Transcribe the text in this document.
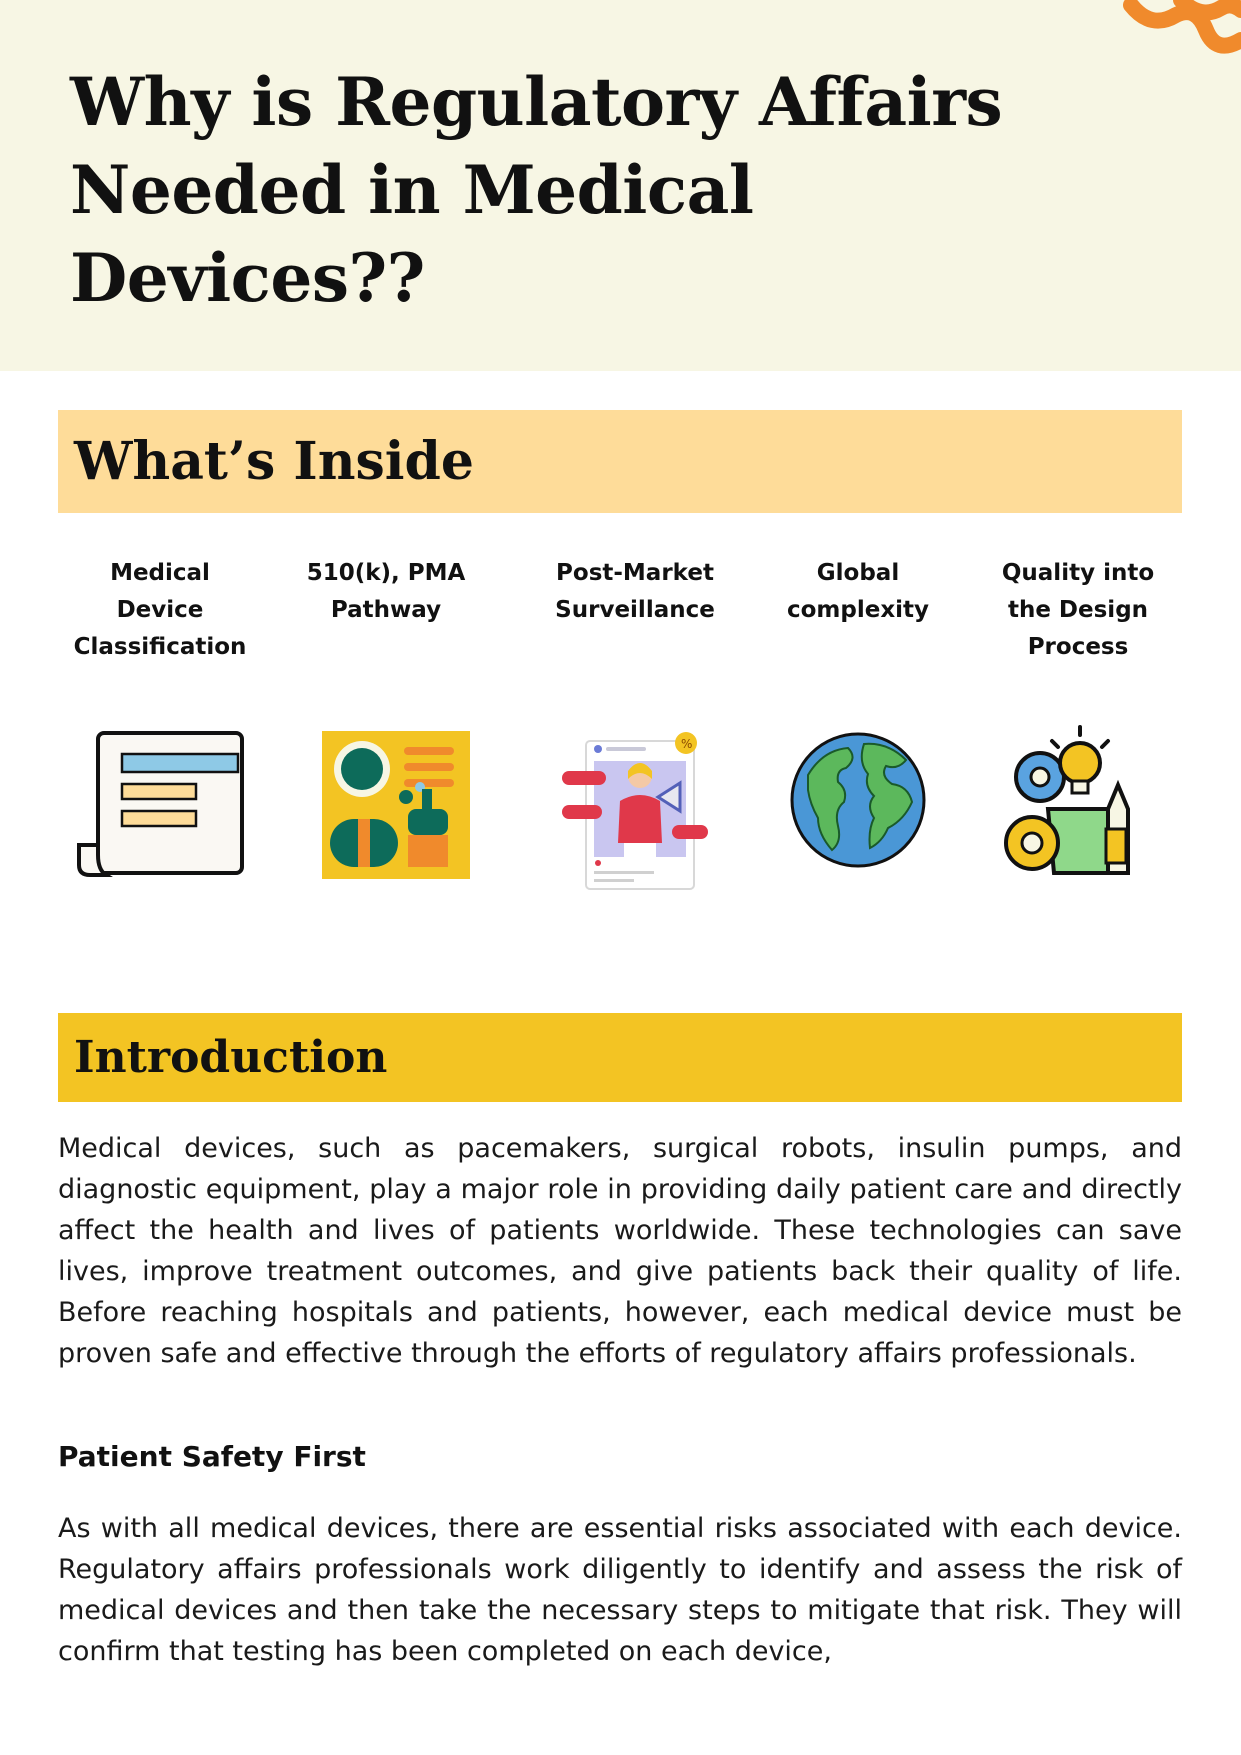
Why is Regulatory Affairs Needed in Medical Devices??
What’s Inside
Medical Device Classification
510(k), PMA Pathway
Post-Market Surveillance
%
Global complexity
Quality into the Design Process
Introduction

Medical devices, such as pacemakers, surgical robots, insulin pumps, and diagnostic equipment, play a major role in providing daily patient care and directly affect the health and lives of patients worldwide. These technologies can save lives, improve treatment outcomes, and give patients back their quality of life. Before reaching hospitals and patients, however, each medical device must be proven safe and effective through the efforts of regulatory affairs professionals.

Patient Safety First

As with all medical devices, there are essential risks associated with each device. Regulatory affairs professionals work diligently to identify and assess the risk of medical devices and then take the necessary steps to mitigate that risk. They will confirm that testing has been completed on each device,
